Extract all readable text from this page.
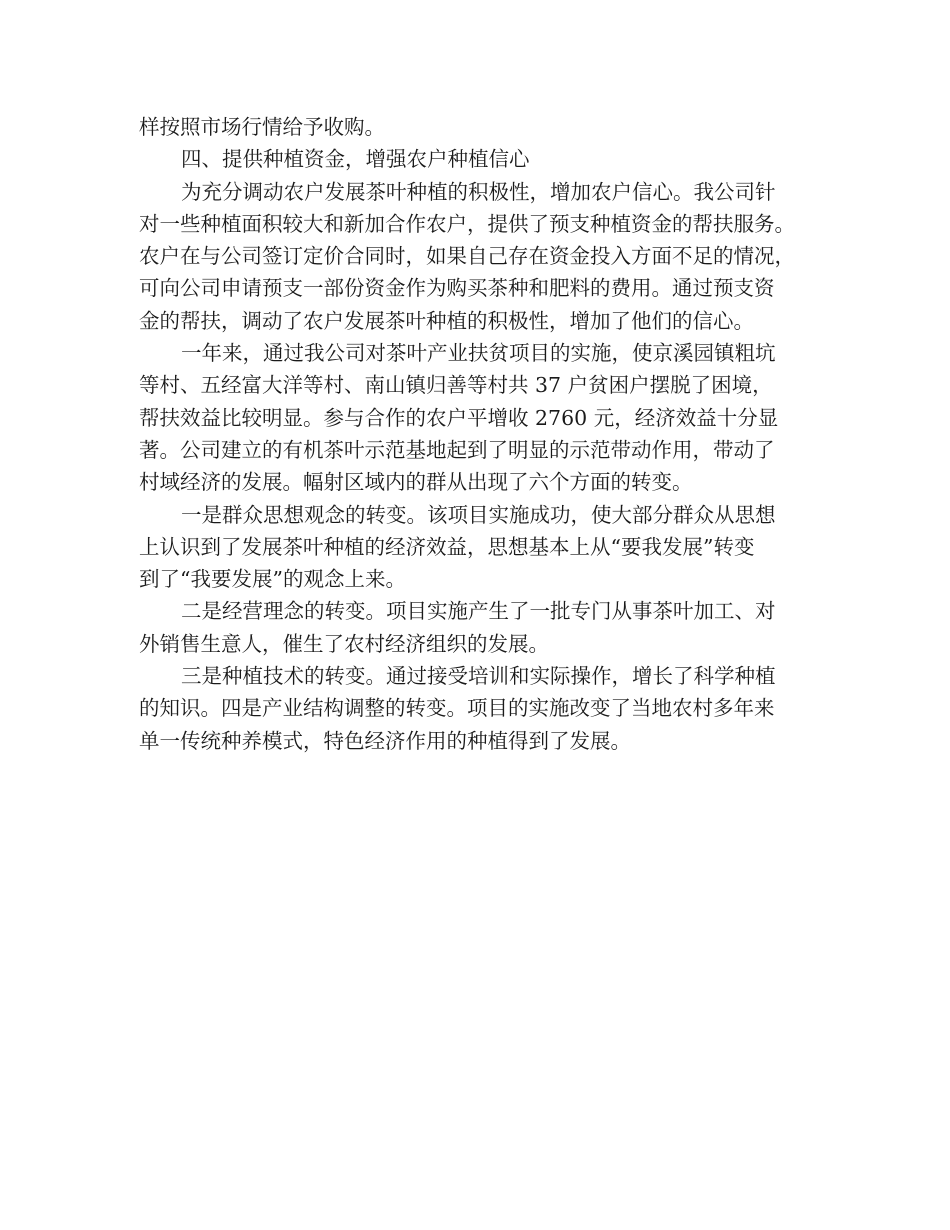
样按照市场行情给予收购。
四、提供种植资金，增强农户种植信心
为充分调动农户发展茶叶种植的积极性，增加农户信心。我公司针
对一些种植面积较大和新加合作农户，提供了预支种植资金的帮扶服务。
农户在与公司签订定价合同时，如果自己存在资金投入方面不足的情况，
可向公司申请预支一部份资金作为购买茶种和肥料的费用。通过预支资
金的帮扶，调动了农户发展茶叶种植的积极性，增加了他们的信心。
一年来，通过我公司对茶叶产业扶贫项目的实施，使京溪园镇粗坑
等村、五经富大洋等村、南山镇归善等村共 37 户贫困户摆脱了困境，
帮扶效益比较明显。参与合作的农户平增收 2760 元，经济效益十分显
著。公司建立的有机茶叶示范基地起到了明显的示范带动作用，带动了
村域经济的发展。幅射区域内的群从出现了六个方面的转变。
一是群众思想观念的转变。该项目实施成功，使大部分群众从思想
上认识到了发展茶叶种植的经济效益，思想基本上从“要我发展”转变
到了“我要发展”的观念上来。
二是经营理念的转变。项目实施产生了一批专门从事茶叶加工、对
外销售生意人，催生了农村经济组织的发展。
三是种植技术的转变。通过接受培训和实际操作，增长了科学种植
的知识。四是产业结构调整的转变。项目的实施改变了当地农村多年来
单一传统种养模式，特色经济作用的种植得到了发展。
